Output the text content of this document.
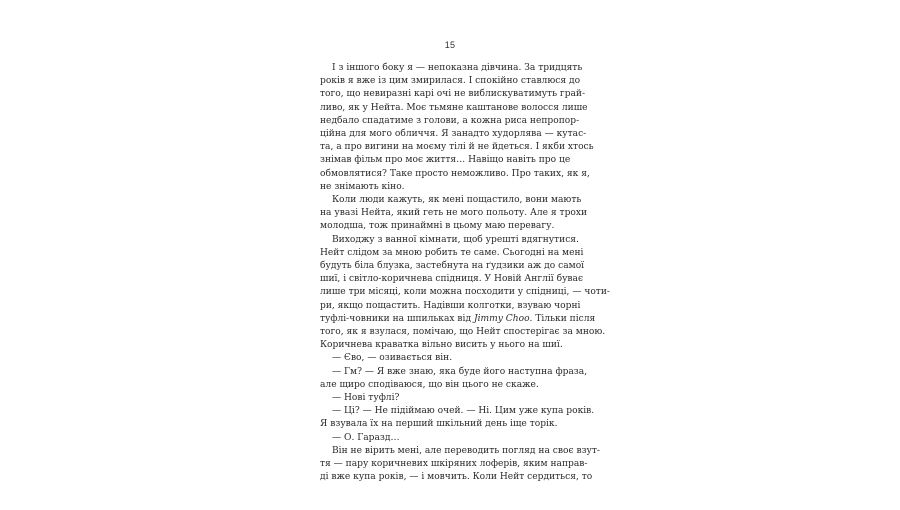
15
І з іншого боку я — непоказна дівчина. За тридцять
років я вже із цим змирилася. І спокійно ставлюся до
того, що невиразні карі очі не виблискуватимуть грай-
ливо, як у Нейта. Моє тьмяне каштанове волосся лише
недбало спадатиме з голови, а кожна риса непропор-
ційна для мого обличчя. Я занадто худорлява — кутас-
та, а про вигини на моєму тілі й не йдеться. І якби хтось
знімав фільм про моє життя… Навіщо навіть про це
обмовлятися? Таке просто неможливо. Про таких, як я,
не знімають кіно.
Коли люди кажуть, як мені пощастило, вони мають
на увазі Нейта, який геть не мого польоту. Але я трохи
молодша, тож принаймні в цьому маю перевагу.
Виходжу з ванної кімнати, щоб урешті вдягнутися.
Нейт слідом за мною робить те саме. Сьогодні на мені
будуть біла блузка, застебнута на ґудзики аж до самої
шиї, і світло-коричнева спідниця. У Новій Англії буває
лише три місяці, коли можна посходити у спідниці, — чоти-
ри, якщо пощастить. Надівши колготки, взуваю чорні
туфлі-човники на шпильках від Jimmy Choo. Тільки після
того, як я взулася, помічаю, що Нейт спостерігає за мною.
Коричнева краватка вільно висить у нього на шиї.
— Єво, — озивається він.
— Гм? — Я вже знаю, яка буде його наступна фраза,
але щиро сподіваюся, що він цього не скаже.
— Нові туфлі?
— Ці? — Не підіймаю очей. — Ні. Цим уже купа років.
Я взувала їх на перший шкільний день іще торік.
— О. Гаразд…
Він не вірить мені, але переводить погляд на своє взут-
тя — пару коричневих шкіряних лоферів, яким направ-
ді вже купа років, — і мовчить. Коли Нейт сердиться, то
